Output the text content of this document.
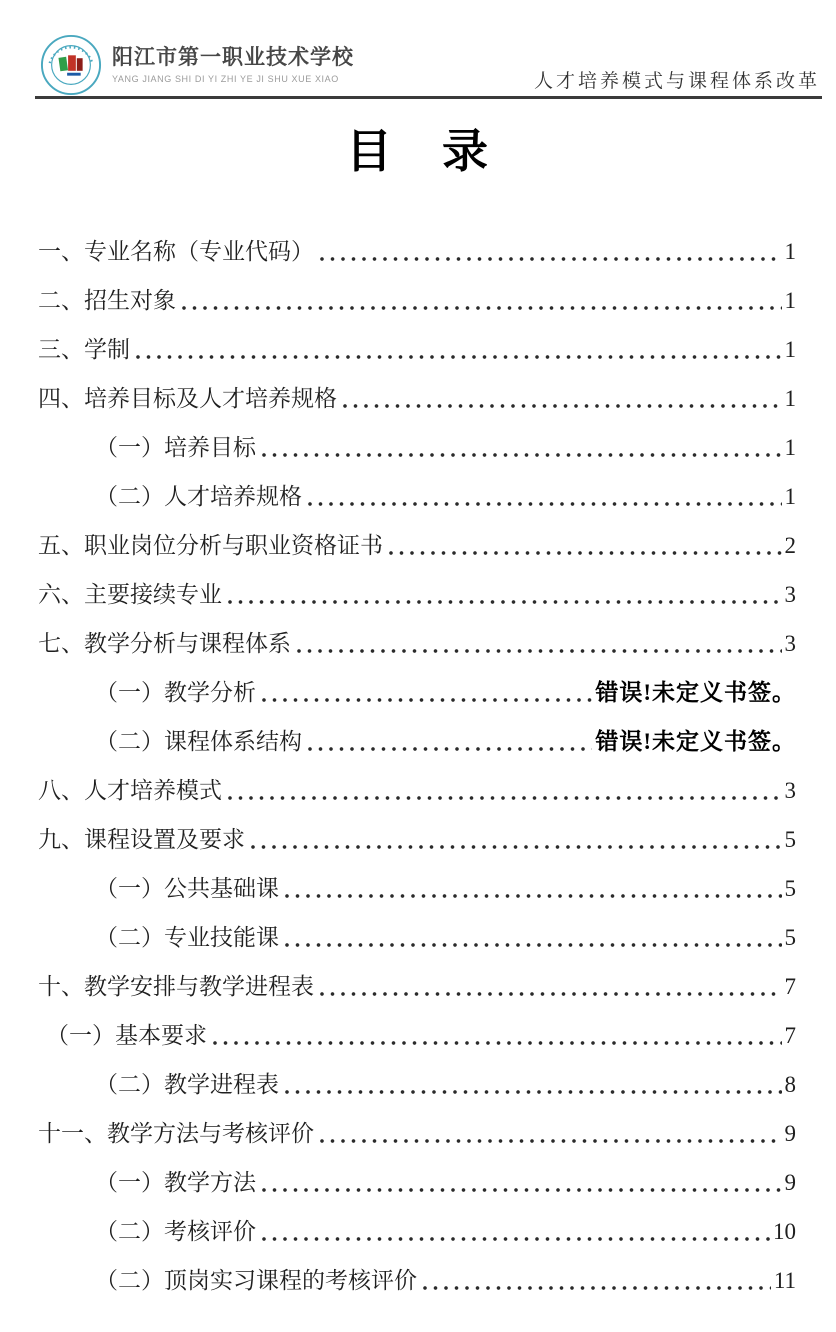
阳江市第一职业技术学校
YANG JIANG SHI DI YI ZHI YE JI SHU XUE XIAO	人才培养模式与课程体系改革
目　录
一、专业名称（专业代码）	1
二、招生对象	1
三、学制	1
四、培养目标及人才培养规格	1
（一）培养目标	1
（二）人才培养规格	1
五、职业岗位分析与职业资格证书	2
六、主要接续专业	3
七、教学分析与课程体系	3
（一）教学分析	错误!未定义书签。
（二）课程体系结构	错误!未定义书签。
八、人才培养模式	3
九、课程设置及要求	5
（一）公共基础课	5
（二）专业技能课	5
十、教学安排与教学进程表	7
（一）基本要求	7
（二）教学进程表	8
十一、教学方法与考核评价	9
（一）教学方法	9
（二）考核评价	10
（二）顶岗实习课程的考核评价	11
